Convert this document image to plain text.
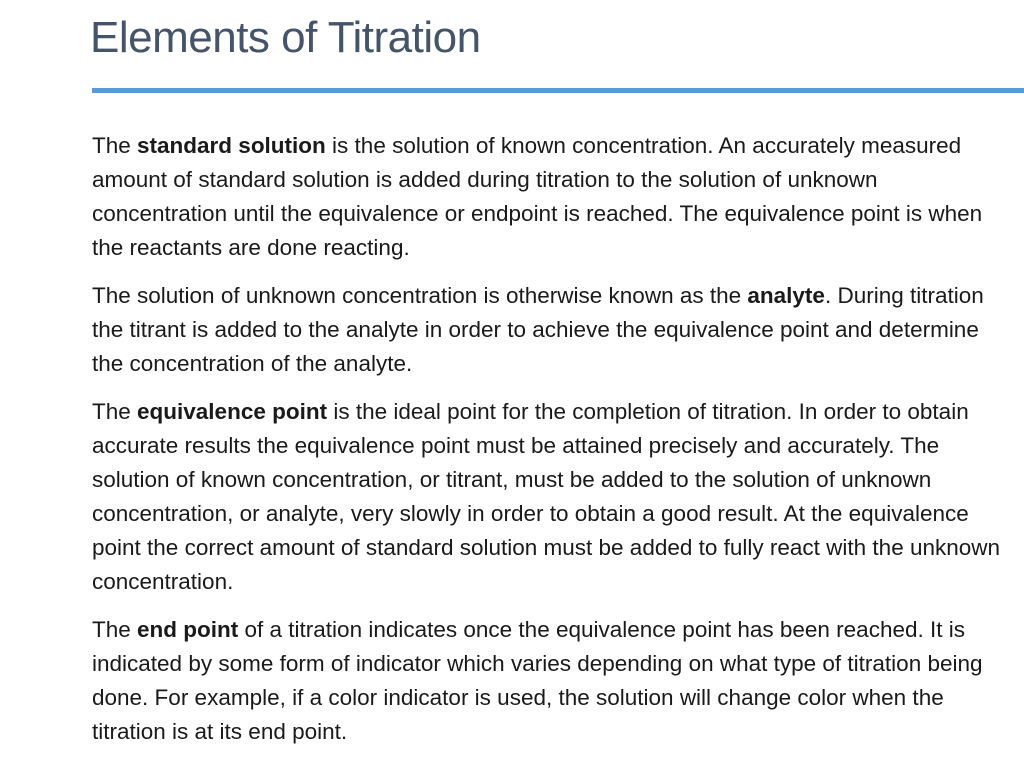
Elements of Titration

The standard solution is the solution of known concentration. An accurately measured amount of standard solution is added during titration to the solution of unknown concentration until the equivalence or endpoint is reached. The equivalence point is when the reactants are done reacting.

The solution of unknown concentration is otherwise known as the analyte. During titration the titrant is added to the analyte in order to achieve the equivalence point and determine the concentration of the analyte.

The equivalence point is the ideal point for the completion of titration. In order to obtain accurate results the equivalence point must be attained precisely and accurately. The solution of known concentration, or titrant, must be added to the solution of unknown concentration, or analyte, very slowly in order to obtain a good result. At the equivalence point the correct amount of standard solution must be added to fully react with the unknown concentration.

The end point of a titration indicates once the equivalence point has been reached. It is indicated by some form of indicator which varies depending on what type of titration being done. For example, if a color indicator is used, the solution will change color when the titration is at its end point.
